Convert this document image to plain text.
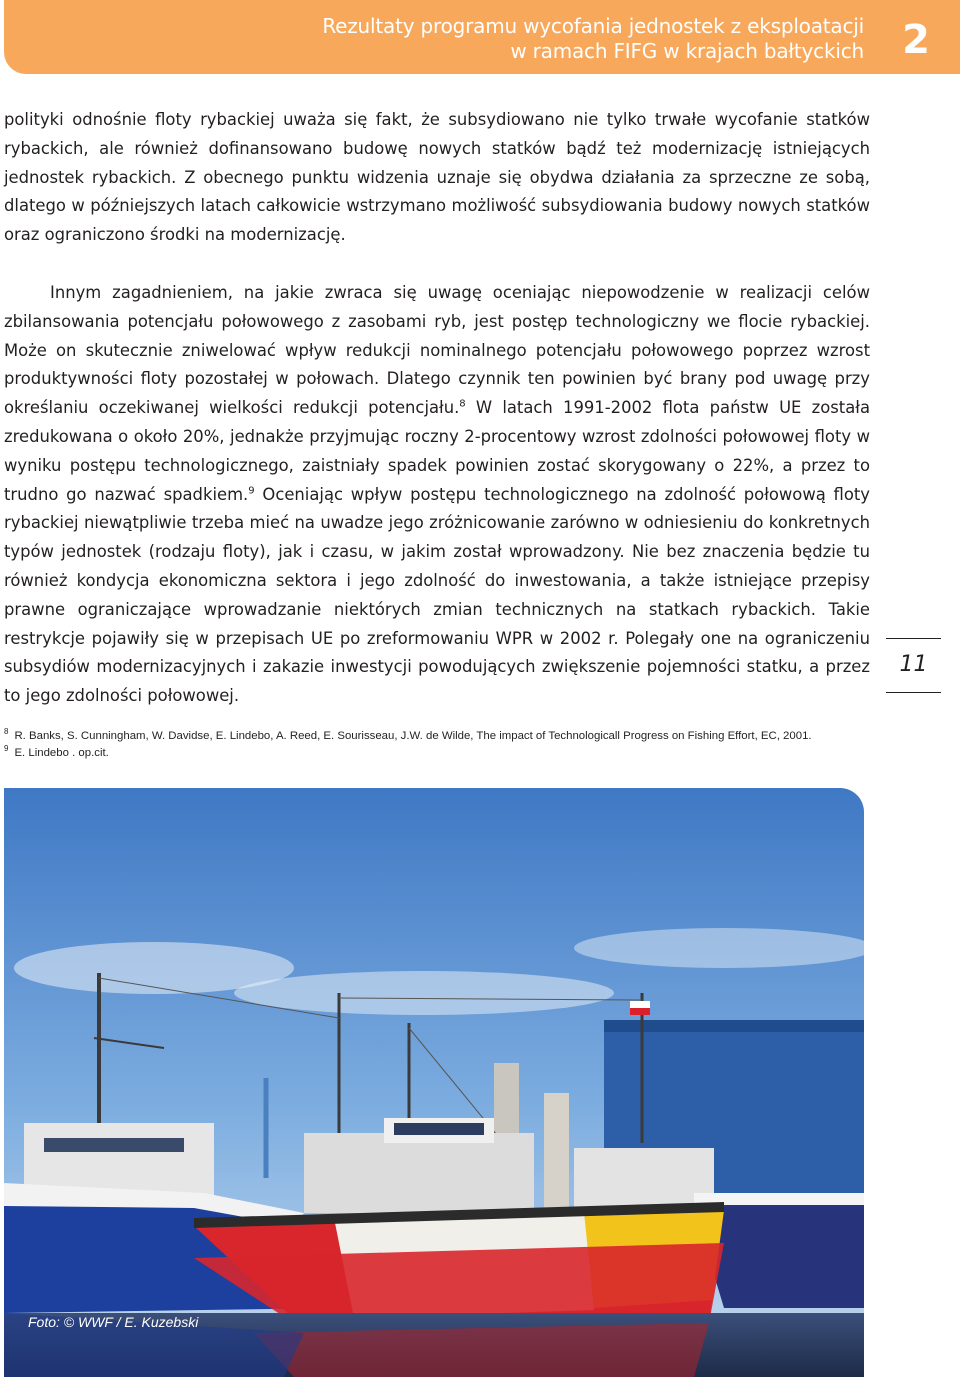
Rezultaty programu wycofania jednostek z eksploatacji
w ramach FIFG w krajach bałtyckich 2
polityki odnośnie floty rybackiej uważa się fakt, że subsydiowano nie tylko trwałe wycofanie statków rybackich, ale również dofinansowano budowę nowych statków bądź też modernizację istniejących jednostek rybackich. Z obecnego punktu widzenia uznaje się obydwa działania za sprzeczne ze sobą, dlatego w późniejszych latach całkowicie wstrzymano możliwość subsydiowania budowy nowych statków oraz ograniczono środki na modernizację.
Innym zagadnieniem, na jakie zwraca się uwagę oceniając niepowodzenie w realizacji celów zbilansowania potencjału połowowego z zasobami ryb, jest postęp technologiczny we flocie rybackiej. Może on skutecznie zniwelować wpływ redukcji nominalnego potencjału połowowego poprzez wzrost produktywności floty pozostałej w połowach. Dlatego czynnik ten powinien być brany pod uwagę przy określaniu oczekiwanej wielkości redukcji potencjału.$^8$ W latach 1991-2002 flota państw UE została zredukowana o około 20%, jednakże przyjmując roczny 2-procentowy wzrost zdolności połowowej floty w wyniku postępu technologicznego, zaistniały spadek powinien zostać skorygowany o 22%, a przez to trudno go nazwać spadkiem.$^9$ Oceniając wpływ postępu technologicznego na zdolność połowową floty rybackiej niewątpliwie trzeba mieć na uwadze jego zróżnicowanie zarówno w odniesieniu do konkretnych typów jednostek (rodzaju floty), jak i czasu, w jakim został wprowadzony. Nie bez znaczenia będzie tu również kondycja ekonomiczna sektora i jego zdolność do inwestowania, a także istniejące przepisy prawne ograniczające wprowadzanie niektórych zmian technicznych na statkach rybackich. Takie restrykcje pojawiły się w przepisach UE po zreformowaniu WPR w 2002 r. Polegały one na ograniczeniu subsydiów modernizacyjnych i zakazie inwestycji powodujących zwiększenie pojemności statku, a przez to jego zdolności połowowej.
11
$^8$ R. Banks, S. Cunningham, W. Davidse, E. Lindebo, A. Reed, E. Sourisseau, J.W. de Wilde, The impact of Technologicall Progress on Fishing Effort, EC, 2001.
$^9$ E. Lindebo . op.cit.
Foto: © WWF / E. Kuzebski
